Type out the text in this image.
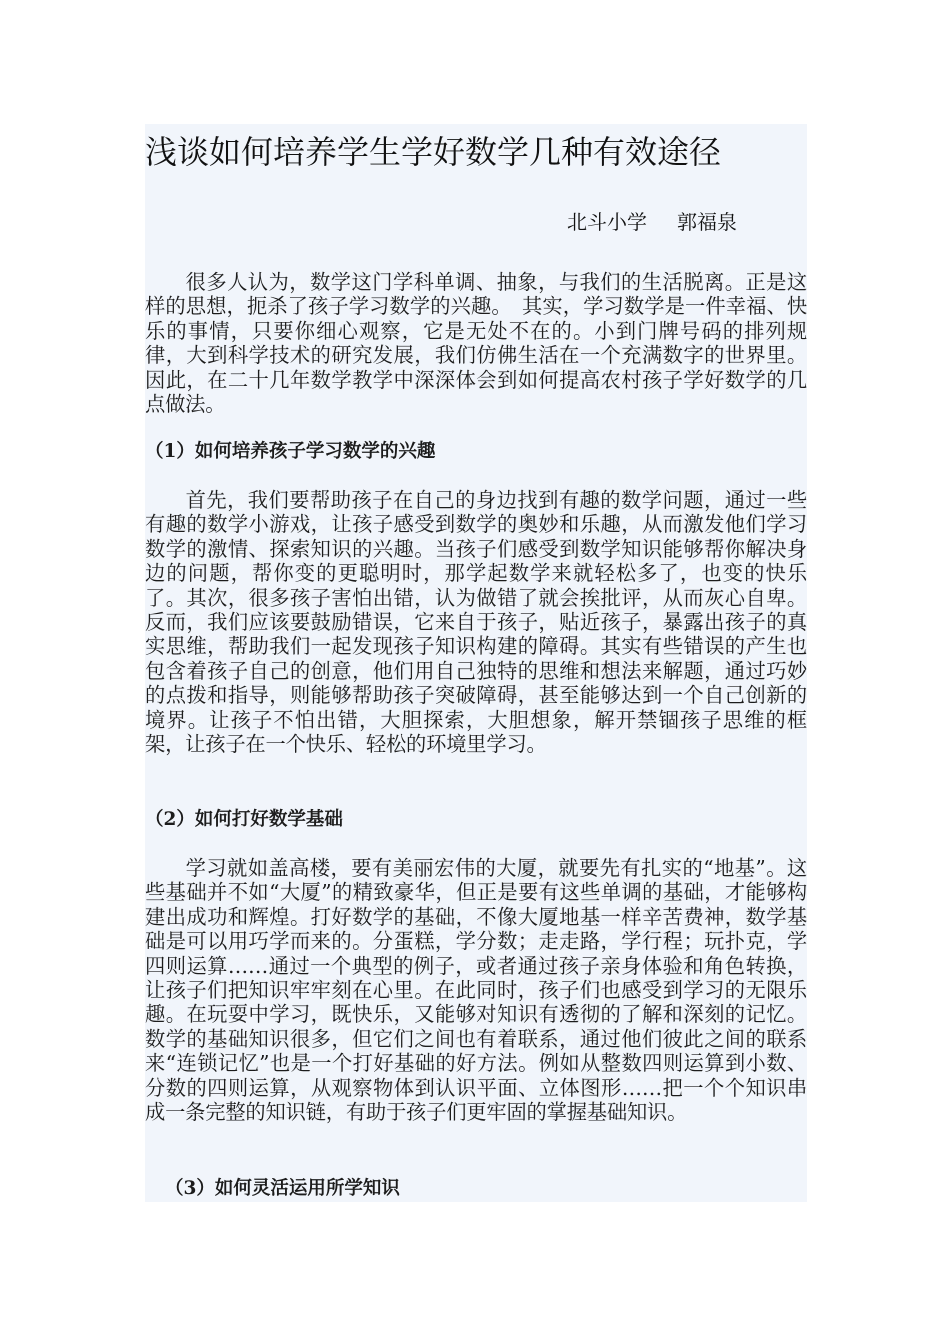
浅谈如何培养学生学好数学几种有效途径
北斗小学 郭福泉

很多人认为，数学这门学科单调、抽象，与我们的生活脱离。正是这样的思想，扼杀了孩子学习数学的兴趣。　其实，学习数学是一件幸福、快乐的事情，只要你细心观察，它是无处不在的。小到门牌号码的排列规律，大到科学技术的研究发展，我们仿佛生活在一个充满数字的世界里。因此，在二十几年数学教学中深深体会到如何提高农村孩子学好数学的几点做法。

（1）如何培养孩子学习数学的兴趣

首先，我们要帮助孩子在自己的身边找到有趣的数学问题，通过一些有趣的数学小游戏，让孩子感受到数学的奥妙和乐趣，从而激发他们学习数学的激情、探索知识的兴趣。当孩子们感受到数学知识能够帮你解决身边的问题，帮你变的更聪明时，那学起数学来就轻松多了，也变的快乐了。其次，很多孩子害怕出错，认为做错了就会挨批评，从而灰心自卑。反而，我们应该要鼓励错误，它来自于孩子，贴近孩子，暴露出孩子的真实思维，帮助我们一起发现孩子知识构建的障碍。其实有些错误的产生也包含着孩子自己的创意，他们用自己独特的思维和想法来解题，通过巧妙的点拨和指导，则能够帮助孩子突破障碍，甚至能够达到一个自己创新的境界。让孩子不怕出错，大胆探索，大胆想象，解开禁锢孩子思维的框架，让孩子在一个快乐、轻松的环境里学习。

（2）如何打好数学基础

学习就如盖高楼，要有美丽宏伟的大厦，就要先有扎实的“地基”。这些基础并不如“大厦”的精致豪华，但正是要有这些单调的基础，才能够构建出成功和辉煌。打好数学的基础，不像大厦地基一样辛苦费神，数学基础是可以用巧学而来的。分蛋糕，学分数；走走路，学行程；玩扑克，学四则运算……通过一个典型的例子，或者通过孩子亲身体验和角色转换，让孩子们把知识牢牢刻在心里。在此同时，孩子们也感受到学习的无限乐趣。在玩耍中学习，既快乐，又能够对知识有透彻的了解和深刻的记忆。数学的基础知识很多，但它们之间也有着联系，通过他们彼此之间的联系来“连锁记忆”也是一个打好基础的好方法。例如从整数四则运算到小数、分数的四则运算，从观察物体到认识平面、立体图形……把一个个知识串成一条完整的知识链，有助于孩子们更牢固的掌握基础知识。

（3）如何灵活运用所学知识
